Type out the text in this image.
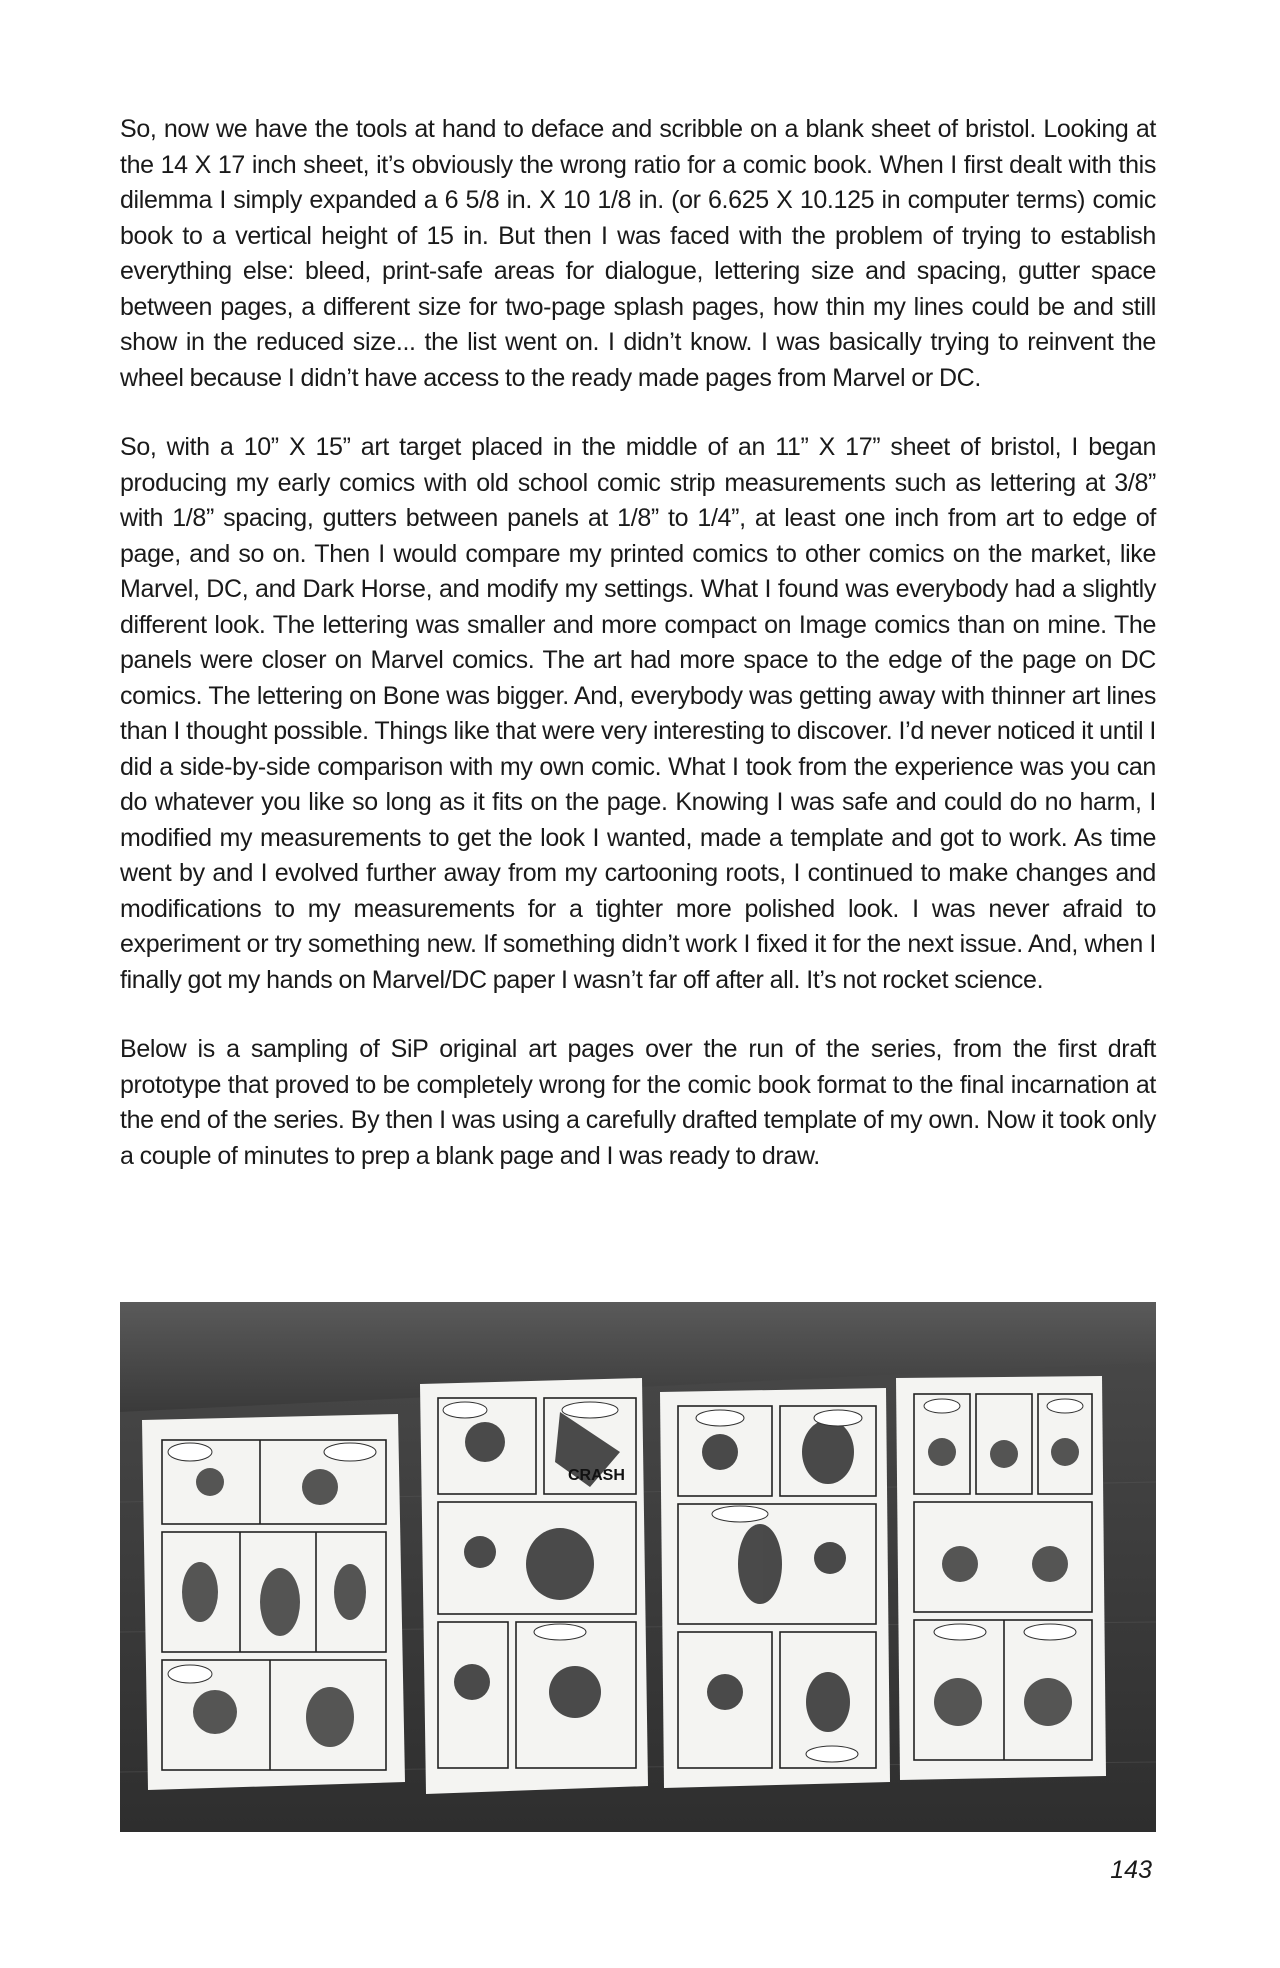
So, now we have the tools at hand to deface and scribble on a blank sheet of bristol. Looking at the 14 X 17 inch sheet, it’s obviously the wrong ratio for a comic book. When I first dealt with this dilemma I simply expanded a 6 5/8 in. X 10 1/8 in. (or 6.625 X 10.125 in computer terms) comic book to a vertical height of 15 in. But then I was faced with the problem of trying to establish everything else: bleed, print-safe areas for dialogue, lettering size and spacing, gutter space between pages, a different size for two-page splash pages, how thin my lines could be and still show in the reduced size... the list went on. I didn’t know. I was basically trying to reinvent the wheel because I didn’t have access to the ready made pages from Marvel or DC.

So, with a 10” X 15” art target placed in the middle of an 11” X 17” sheet of bristol, I began producing my early comics with old school comic strip measurements such as lettering at 3/8” with 1/8” spacing, gutters between panels at 1/8” to 1/4”, at least one inch from art to edge of page, and so on. Then I would compare my printed comics to other comics on the market, like Marvel, DC, and Dark Horse, and modify my settings. What I found was everybody had a slightly different look. The lettering was smaller and more compact on Image comics than on mine. The panels were closer on Marvel comics. The art had more space to the edge of the page on DC comics. The lettering on Bone was bigger. And, everybody was getting away with thinner art lines than I thought possible. Things like that were very interesting to discover. I’d never noticed it until I did a side-by-side comparison with my own comic. What I took from the experience was you can do whatever you like so long as it fits on the page. Knowing I was safe and could do no harm, I modified my measurements to get the look I wanted, made a template and got to work. As time went by and I evolved further away from my cartooning roots, I continued to make changes and modifications to my measurements for a tighter more polished look. I was never afraid to experiment or try something new. If something didn’t work I fixed it for the next issue. And, when I finally got my hands on Marvel/DC paper I wasn’t far off after all. It’s not rocket science.

Below is a sampling of SiP original art pages over the run of the series, from the first draft prototype that proved to be completely wrong for the comic book format to the final incarnation at the end of the series. By then I was using a carefully drafted template of my own. Now it took only a couple of minutes to prep a blank page and I was ready to draw.

CRASH
143
